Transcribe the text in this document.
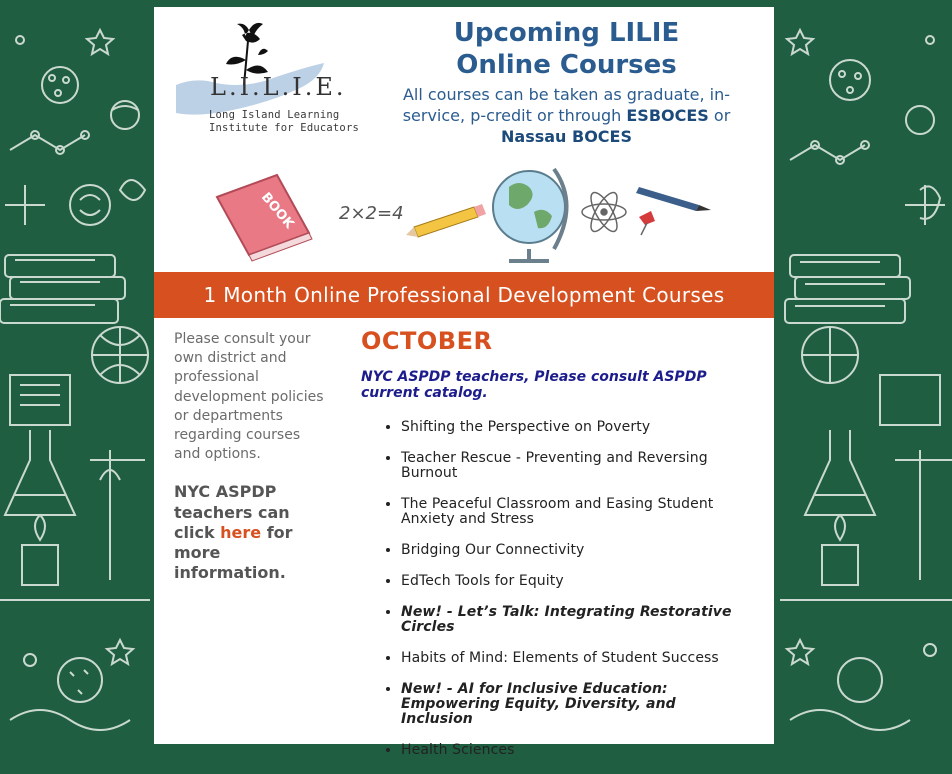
L.I.L.I.E.
Long Island Learning
Institute for Educators
Upcoming LILIE
Online Courses
All courses can be taken as graduate, in-service, p-credit or through ESBOCES or
Nassau BOCES
BOOK 2×2=4
1 Month Online Professional Development Courses
Please consult your own district and professional development policies or departments regarding courses and options.
NYC ASPDP teachers can click here for more information.
OCTOBER
NYC ASPDP teachers, Please consult ASPDP current catalog.
• Shifting the Perspective on Poverty
• Teacher Rescue - Preventing and Reversing Burnout
• The Peaceful Classroom and Easing Student Anxiety and Stress
• Bridging Our Connectivity
• EdTech Tools for Equity
• New! - Let’s Talk: Integrating Restorative Circles
• Habits of Mind: Elements of Student Success
• New! - AI for Inclusive Education: Empowering Equity, Diversity, and Inclusion
• Health Sciences
